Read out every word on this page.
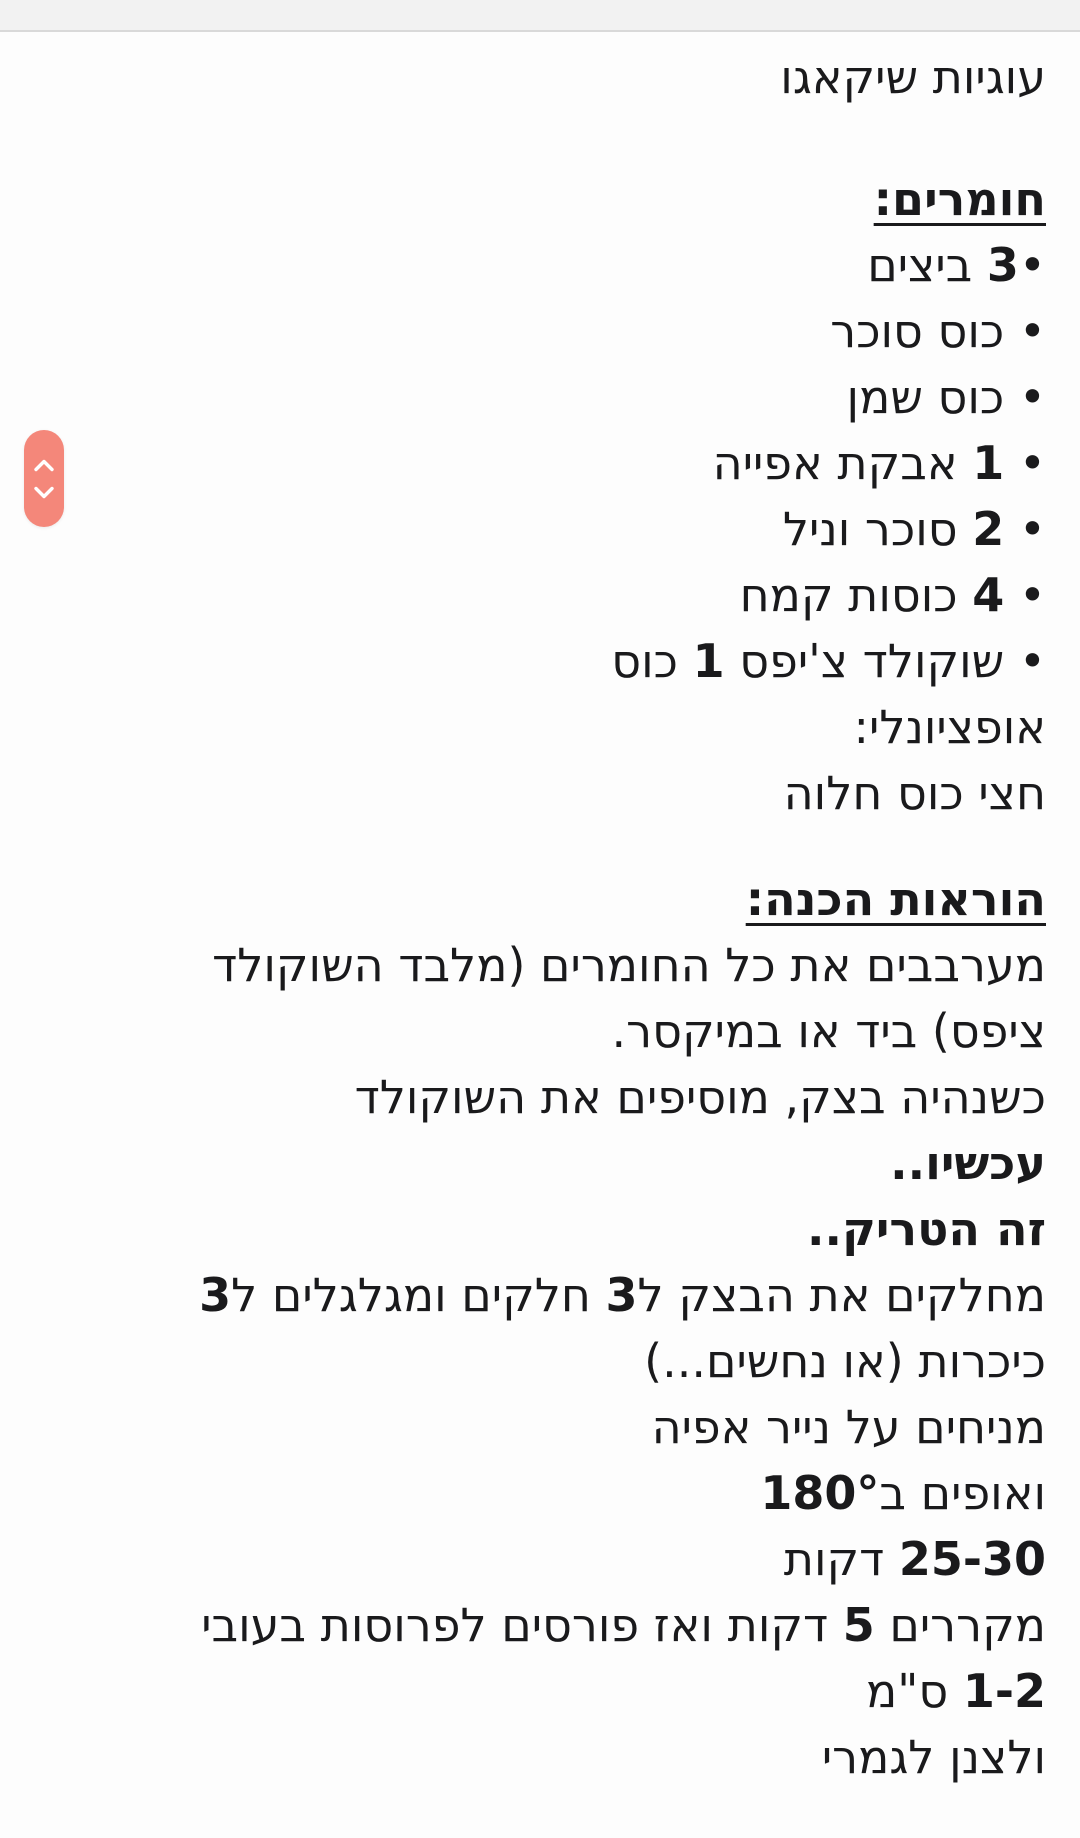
עוגיות שיקאגו
חומרים:
•3 ביצים
• כוס סוכר
• כוס שמן
• 1 אבקת אפייה
• 2 סוכר וניל
• 4 כוסות קמח
• שוקולד צ'יפס 1 כוס
אופציונלי:
חצי כוס חלוה
הוראות הכנה:
מערבבים את כל החומרים (מלבד השוקולד
ציפס) ביד או במיקסר.
כשנהיה בצק, מוסיפים את השוקולד
עכשיו..
זה הטריק..
מחלקים את הבצק ל3 חלקים ומגלגלים ל3
כיכרות (או נחשים...)
מניחים על נייר אפיה
ואופים ב180°
25-30 דקות
מקררים 5 דקות ואז פורסים לפרוסות בעובי
1-2 ס"מ
ולצנן לגמרי
